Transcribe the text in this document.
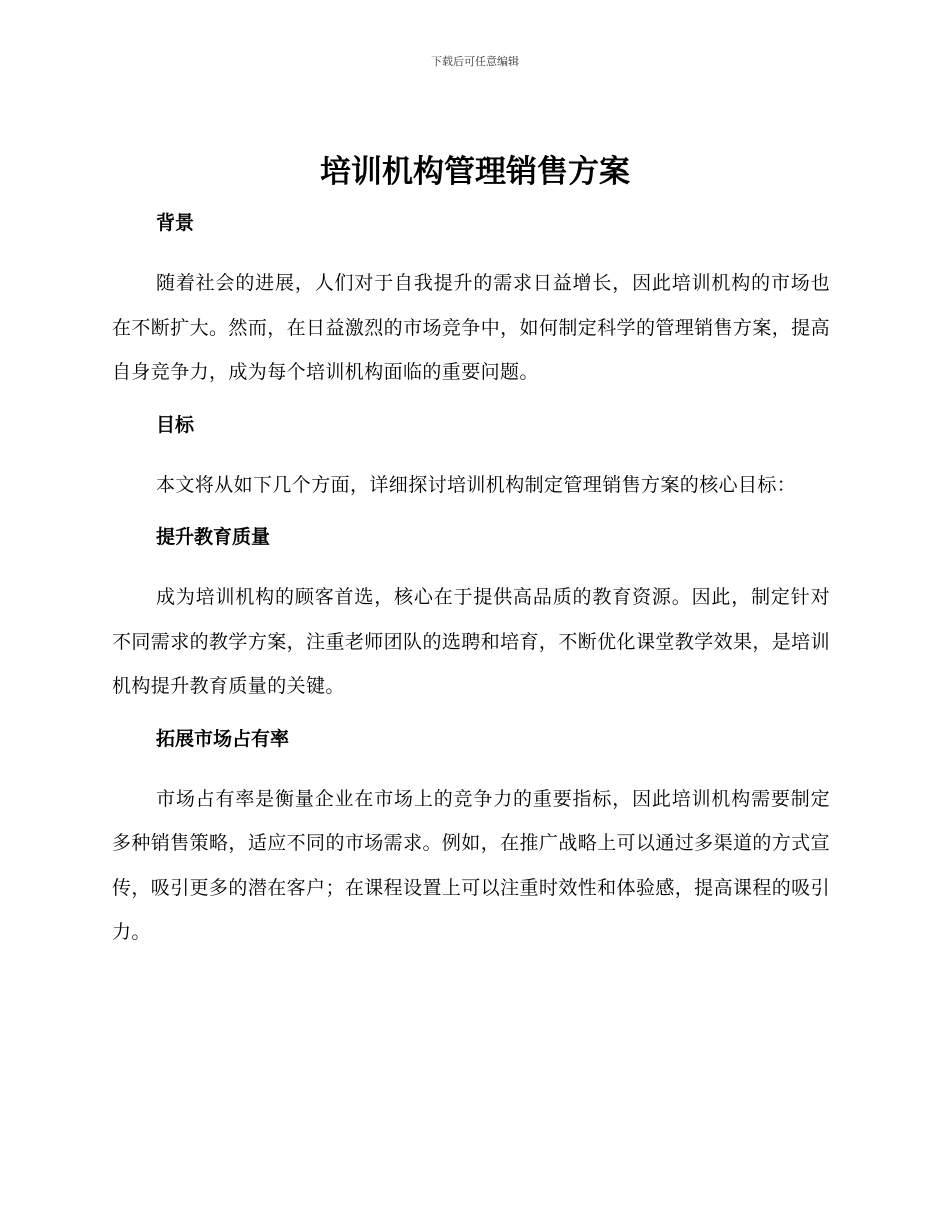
下载后可任意编辑
培训机构管理销售方案
背景

随着社会的进展，人们对于自我提升的需求日益增长，因此培训机构的市场也在不断扩大。然而，在日益激烈的市场竞争中，如何制定科学的管理销售方案，提高自身竞争力，成为每个培训机构面临的重要问题。

目标

本文将从如下几个方面，详细探讨培训机构制定管理销售方案的核心目标：

提升教育质量

成为培训机构的顾客首选，核心在于提供高品质的教育资源。因此，制定针对不同需求的教学方案，注重老师团队的选聘和培育，不断优化课堂教学效果，是培训机构提升教育质量的关键。

拓展市场占有率

市场占有率是衡量企业在市场上的竞争力的重要指标，因此培训机构需要制定多种销售策略，适应不同的市场需求。例如，在推广战略上可以通过多渠道的方式宣传，吸引更多的潜在客户；在课程设置上可以注重时效性和体验感，提高课程的吸引力。
